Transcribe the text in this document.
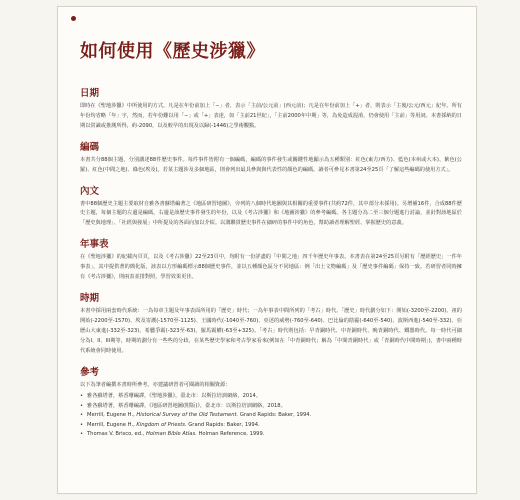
如何使用《歷史涉獵》
日期

即時在《聖地涉獵》中所使用的方式，凡是在年份前加上「∼」者，表示「主前/公元前」(西元前)；凡是在年份前加上「+」者，則表示「主後/公元/西元」紀年。所有年份均省略「年」字，然而，若年份難以用「∼」或「+」表達，如「主前21世紀」，「主前2000年中期」等，為免造成混淆，仍會使用「主前」等用詞。本書採納的日期以常識或推測所得，約-2090，以及較早的出現及以歸(-1446)之學術觀點。

編碼

本書共分88個主題，分別講述88件歷史事件。每件事件皆附有一個編碼，編碼的事件發生或關鍵性地顯示為五種類別：紅色(東方/西方)、藍色(本州或大本)、紫色(公羅)、紅色(中間之地)、綠色(埃及)。若某主題涉及多個地區，則會列出最具參與與代表性的顏色的編碼。讀者可參見本書第24至25頁「了解這些編碼的使用方式」。

內文

書中88個歷史主題主要取材自雅各書蘇塔編著之《地區研習地圖》，旁列的八個時代地圖與其相關的重要事件(共約72件，其中部分未採用)。另增補16件，合成88件歷史主題，每個主題的左邊是編碼，右邊是該歷史事件發生的年份，以及《考古涉獵》和《地圖涉獵》的參考編碼。各主題分為二至三個分題進行討論，並針對該地區於「歷史與地理」、「社經與發展」中所提及的各面向加以介紹。以溝聯貫歷史事件在細碎的事件中的角色，幫助讀者理解聖經、掌握歷史的意義。

年事表

在《聖地涉獵》的紀載內頁頁，以及《考古涉獵》22至23頁中，均附有一份詳盡的「中間之地」四千年歷史年事表。本書表在第24至25頁另附有「歷經歷史」一件年事表」，其中提供著的簡化版，該表以方形編碼標示88個歷史事件，並以五種顏色區分不同地區：例「出土文物編碼」及「歷史事件編碼」保持一致。若研習者同時擁有《考古涉獵》，則兩表並排對照，學習效果更佳。

時期

本書中採用兩套時代系統：一為每章主題及年事表面所用的「歷史」時代；一為年事表中間所列的「考古」時代。「歷史」時代劃分如下：開始(-3200至-2200)、祖的開始(-2200至-1570)、埃及寄護(-1570至-1125)、王國時代(-1040至-760)、亞述的威勢(-760至-640)、巴比倫的陰霾(-640至-540)、波斯西進(-540至-332)、亞歷山大東進(-332至-323)、希臘爭霸(-323至-63)、羅馬霸權(-63至+325)。「考古」時代則包括：早青銅時代、中青銅時代、晚青銅時代、鐵器時代。每一時代可細分為I、II、III期等，時期的劃分有一些些的分歧，在某些歷史學家和考古學家看來(例如在「中青銅時代」稱為「中間青銅時代」或「青銅時代中間時期」)，書中兩種時代系統會同時使用。

參考

以下為筆者編撰本書時所參考。亦建議研習者可閱讀的相關資源：

• 雅各蘇塔著，蔡香珊編譯，《聖地涉獵》，臺北市：以斯拉培訓網絡，2014。
• 雅各蘇塔著，蔡香珊編譯，《地區研習地圖(附版)》，臺北市：以斯拉培訓網絡，2018。
• Merrill, Eugene H., Historical Survey of the Old Testament. Grand Rapids: Baker, 1994.
• Merrill, Eugene H., Kingdom of Priests. Grand Rapids: Baker, 1994.
• Thomas V. Brisco, ed., Holman Bible Atlas. Holman Reference, 1999.
